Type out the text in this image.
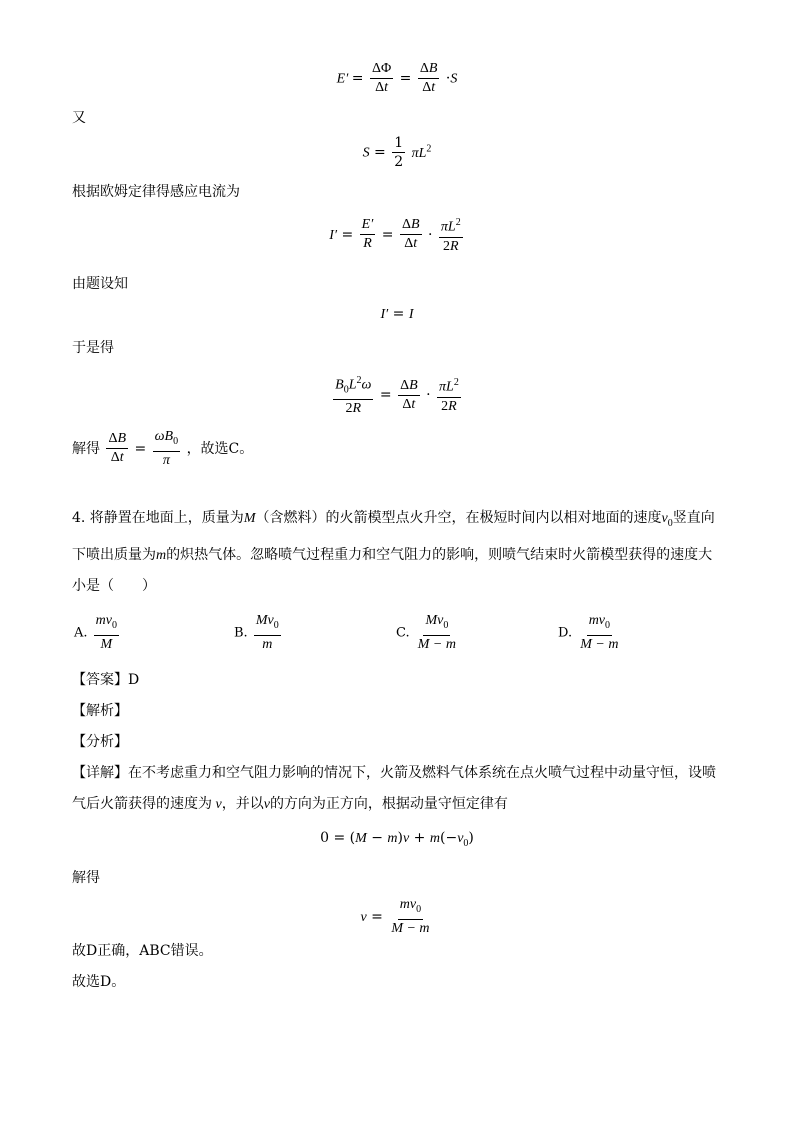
$E' = \frac{\Delta\Phi}{\Delta t} = \frac{\Delta B}{\Delta t} \cdot S$
又
$S = \frac{1}{2} \pi L^2$
根据欧姆定律得感应电流为
$I' = \frac{E'}{R} = \frac{\Delta B}{\Delta t} \cdot \frac{\pi L^2}{2R}$
由题设知
I′ = I
于是得
$\frac{B_0L^2\omega}{2R} = \frac{\Delta B}{\Delta t} \cdot \frac{\pi L^2}{2R}$
解得 $\frac{\Delta B}{\Delta t} = \frac{\omega B_0}{\pi}$ ，故选C。
4. 将静置在地面上，质量为M（含燃料）的火箭模型点火升空，在极短时间内以相对地面的速度$v_0$竖直向
下喷出质量为m的炽热气体。忽略喷气过程重力和空气阻力的影响，则喷气结束时火箭模型获得的速度大
小是（　　）
A. $\frac{mv_0}{M}$	B. $\frac{Mv_0}{m}$	C. $\frac{Mv_0}{M - m}$	D. $\frac{mv_0}{M - m}$
【答案】D
【解析】
【分析】
【详解】在不考虑重力和空气阻力影响的情况下，火箭及燃料气体系统在点火喷气过程中动量守恒，设喷
气后火箭获得的速度为 v，并以v的方向为正方向，根据动量守恒定律有
$0 = (M - m)v + m(-v_0)$
解得
$v = \frac{mv_0}{M - m}$
故D正确，ABC错误。
故选D。
